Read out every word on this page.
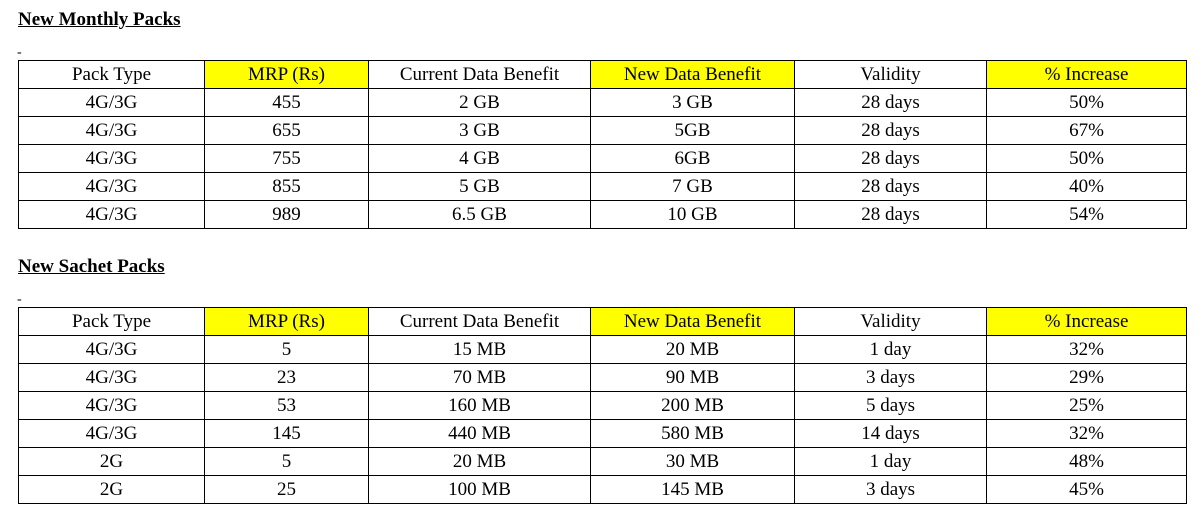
New Monthly Packs
-
Pack Type	MRP (Rs)	Current Data Benefit	New Data Benefit	Validity	% Increase
4G/3G	455	2 GB	3 GB	28 days	50%
4G/3G	655	3 GB	5GB	28 days	67%
4G/3G	755	4 GB	6GB	28 days	50%
4G/3G	855	5 GB	7 GB	28 days	40%
4G/3G	989	6.5 GB	10 GB	28 days	54%
New Sachet Packs
-
Pack Type	MRP (Rs)	Current Data Benefit	New Data Benefit	Validity	% Increase
4G/3G	5	15 MB	20 MB	1 day	32%
4G/3G	23	70 MB	90 MB	3 days	29%
4G/3G	53	160 MB	200 MB	5 days	25%
4G/3G	145	440 MB	580 MB	14 days	32%
2G	5	20 MB	30 MB	1 day	48%
2G	25	100 MB	145 MB	3 days	45%
